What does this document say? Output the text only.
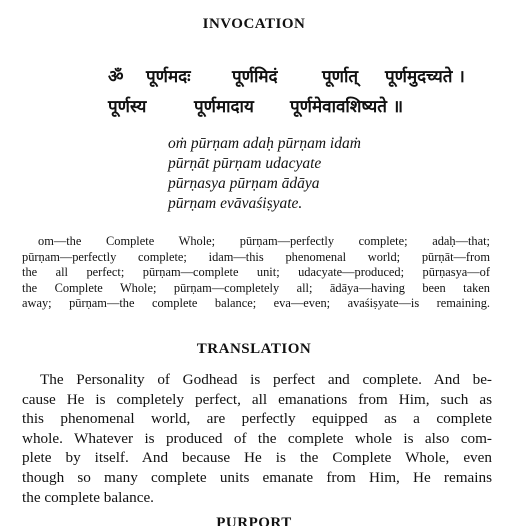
INVOCATION
ॐ पूर्णमदः पूर्णमिदं	पूर्णात् पूर्णमुदच्यते ।
पूर्णस्य	पूर्णमादाय पूर्णमेवावशिष्यते ॥
oṁ pūrṇam adaḥ pūrṇam idaṁ
pūrṇāt pūrṇam udacyate
pūrṇasya pūrṇam ādāya
pūrṇam evāvaśiṣyate.
om—the Complete Whole; pūrṇam—perfectly complete; adaḥ—that;
pūrṇam—perfectly complete; idam—this phenomenal world; pūrṇāt—from
the all perfect; pūrṇam—complete unit; udacyate—produced; pūrṇasya—of
the Complete Whole; pūrṇam—completely all; ādāya—having been taken
away; pūrṇam—the complete balance; eva—even; avaśiṣyate—is remaining.
TRANSLATION
The Personality of Godhead is perfect and complete. And be-
cause He is completely perfect, all emanations from Him, such as
this phenomenal world, are perfectly equipped as a complete
whole. Whatever is produced of the complete whole is also com-
plete by itself. And because He is the Complete Whole, even
though so many complete units emanate from Him, He remains
the complete balance.
PURPORT
